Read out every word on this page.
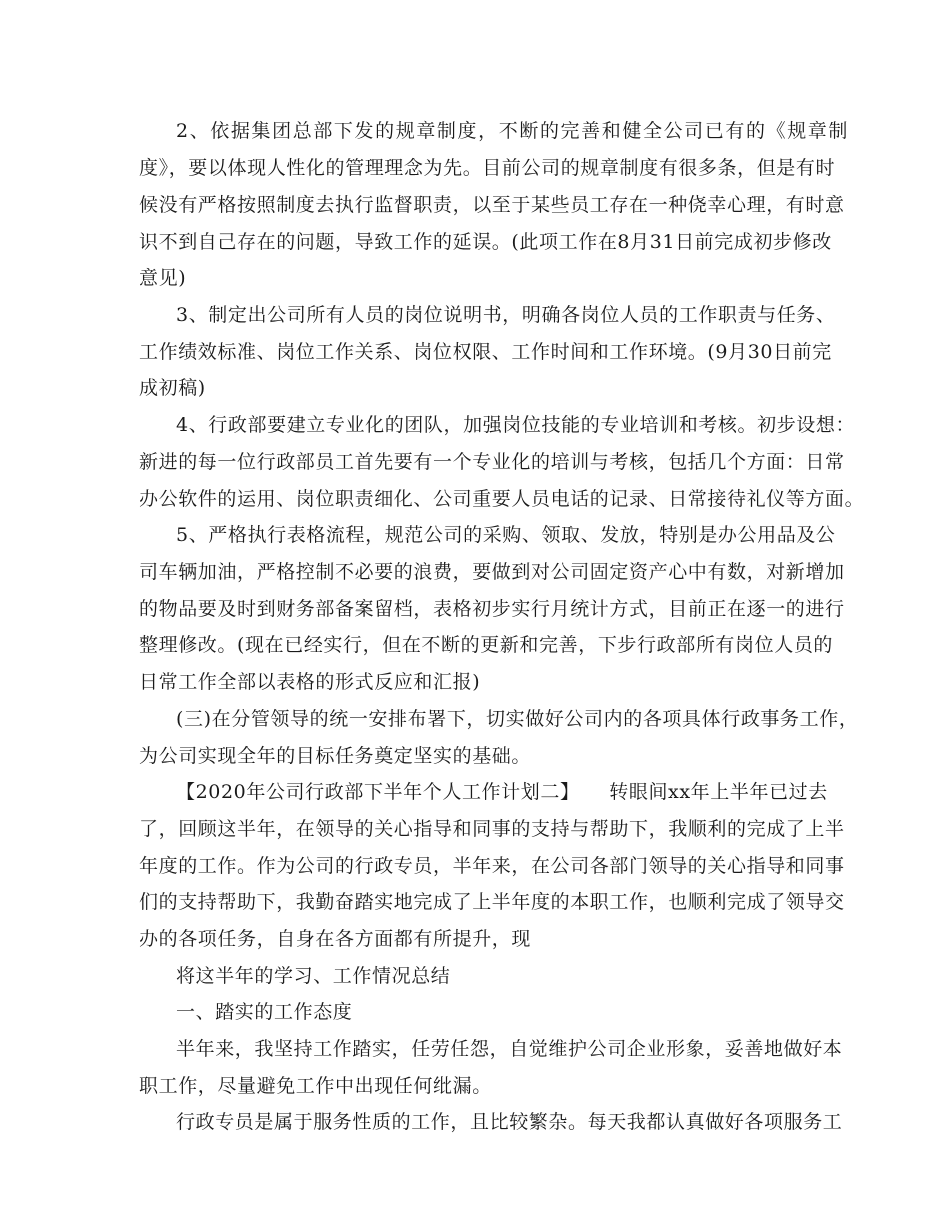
2、依据集团总部下发的规章制度，不断的完善和健全公司已有的《规章制
度》，要以体现人性化的管理理念为先。目前公司的规章制度有很多条，但是有时
候没有严格按照制度去执行监督职责，以至于某些员工存在一种侥幸心理，有时意
识不到自己存在的问题，导致工作的延误。(此项工作在8月31日前完成初步修改
意见)
3、制定出公司所有人员的岗位说明书，明确各岗位人员的工作职责与任务、
工作绩效标准、岗位工作关系、岗位权限、工作时间和工作环境。(9月30日前完
成初稿)
4、行政部要建立专业化的团队，加强岗位技能的专业培训和考核。初步设想：
新进的每一位行政部员工首先要有一个专业化的培训与考核，包括几个方面：日常
办公软件的运用、岗位职责细化、公司重要人员电话的记录、日常接待礼仪等方面。
5、严格执行表格流程，规范公司的采购、领取、发放，特别是办公用品及公
司车辆加油，严格控制不必要的浪费，要做到对公司固定资产心中有数，对新增加
的物品要及时到财务部备案留档，表格初步实行月统计方式，目前正在逐一的进行
整理修改。(现在已经实行，但在不断的更新和完善，下步行政部所有岗位人员的
日常工作全部以表格的形式反应和汇报)
(三)在分管领导的统一安排布署下，切实做好公司内的各项具体行政事务工作，
为公司实现全年的目标任务奠定坚实的基础。
【2020年公司行政部下半年个人工作计划二】　　转眼间xx年上半年已过去
了，回顾这半年，在领导的关心指导和同事的支持与帮助下，我顺利的完成了上半
年度的工作。作为公司的行政专员，半年来，在公司各部门领导的关心指导和同事
们的支持帮助下，我勤奋踏实地完成了上半年度的本职工作，也顺利完成了领导交
办的各项任务，自身在各方面都有所提升，现
将这半年的学习、工作情况总结
一、踏实的工作态度
半年来，我坚持工作踏实，任劳任怨，自觉维护公司企业形象，妥善地做好本
职工作，尽量避免工作中出现任何纰漏。
行政专员是属于服务性质的工作，且比较繁杂。每天我都认真做好各项服务工
